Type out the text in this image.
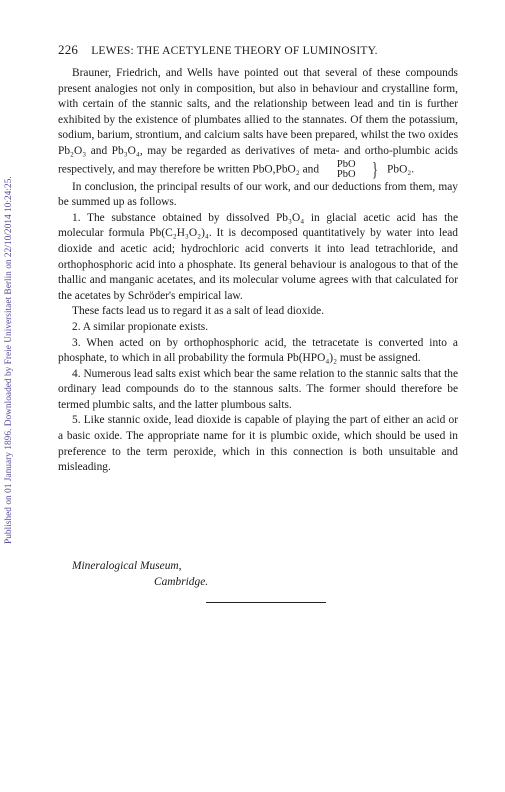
Published on 01 January 1896. Downloaded by Freie Universitaet Berlin on 22/10/2014 10:24:25.
226 LEWES: THE ACETYLENE THEORY OF LUMINOSITY.

Brauner, Friedrich, and Wells have pointed out that several of these compounds present analogies not only in composition, but also in behaviour and crystalline form, with certain of the stannic salts, and the relationship between lead and tin is further exhibited by the existence of plumbates allied to the stannates. Of them the potassium, sodium, barium, strontium, and calcium salts have been prepared, whilst the two oxides Pb₂O₃ and Pb₃O₄, may be regarded as derivatives of meta- and ortho-plumbic acids respectively, and may therefore be written PbO,PbO₂ and	PbO
PbO } PbO₂.

In conclusion, the principal results of our work, and our deductions from them, may be summed up as follows.

1. The substance obtained by dissolved Pb₃O₄ in glacial acetic acid has the molecular formula Pb(C₂H₃O₂)₄. It is decomposed quantitatively by water into lead dioxide and acetic acid; hydrochloric acid converts it into lead tetrachloride, and orthophosphoric acid into a phosphate. Its general behaviour is analogous to that of the thallic and manganic acetates, and its molecular volume agrees with that calculated for the acetates by Schröder's empirical law.

These facts lead us to regard it as a salt of lead dioxide.

2. A similar propionate exists.

3. When acted on by orthophosphoric acid, the tetracetate is converted into a phosphate, to which in all probability the formula Pb(HPO₄)₂ must be assigned.

4. Numerous lead salts exist which bear the same relation to the stannic salts that the ordinary lead compounds do to the stannous salts. The former should therefore be termed plumbic salts, and the latter plumbous salts.

5. Like stannic oxide, lead dioxide is capable of playing the part of either an acid or a basic oxide. The appropriate name for it is plumbic oxide, which should be used in preference to the term peroxide, which in this connection is both unsuitable and misleading.

Mineralogical Museum,
Cambridge.
